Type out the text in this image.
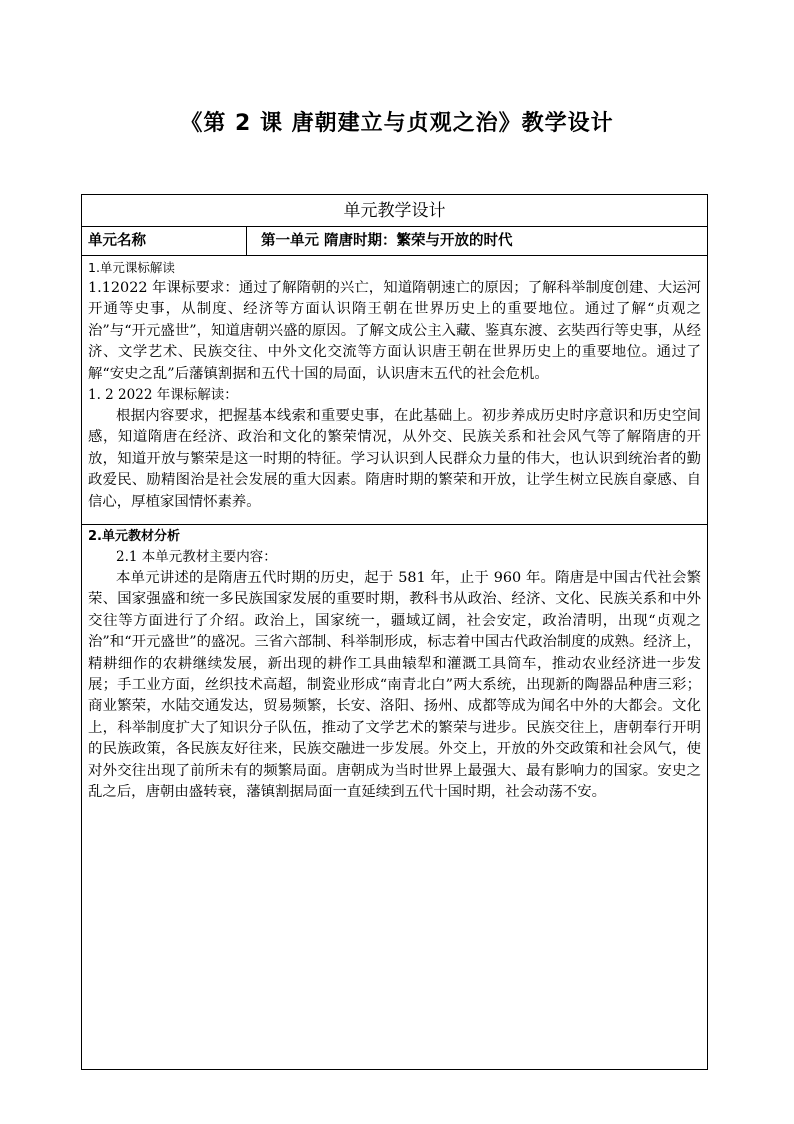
《第 2 课 唐朝建立与贞观之治》教学设计
单元教学设计
单元名称	第一单元 隋唐时期：繁荣与开放的时代
1.单元课标解读

1.12022 年课标要求：通过了解隋朝的兴亡，知道隋朝速亡的原因；了解科举制度创建、大运河开通等史事，从制度、经济等方面认识隋王朝在世界历史上的重要地位。通过了解“贞观之治”与“开元盛世”，知道唐朝兴盛的原因。了解文成公主入藏、鉴真东渡、玄奘西行等史事，从经济、文学艺术、民族交往、中外文化交流等方面认识唐王朝在世界历史上的重要地位。通过了解“安史之乱”后藩镇割据和五代十国的局面，认识唐末五代的社会危机。

1. 2 2022 年课标解读：

根据内容要求，把握基本线索和重要史事，在此基础上。初步养成历史时序意识和历史空间感，知道隋唐在经济、政治和文化的繁荣情况，从外交、民族关系和社会风气等了解隋唐的开放，知道开放与繁荣是这一时期的特征。学习认识到人民群众力量的伟大，也认识到统治者的勤政爱民、励精图治是社会发展的重大因素。隋唐时期的繁荣和开放，让学生树立民族自豪感、自信心，厚植家国情怀素养。

2.单元教材分析

2.1 本单元教材主要内容：

本单元讲述的是隋唐五代时期的历史，起于 581 年，止于 960 年。隋唐是中国古代社会繁荣、国家强盛和统一多民族国家发展的重要时期，教科书从政治、经济、文化、民族关系和中外交往等方面进行了介绍。政治上，国家统一，疆域辽阔，社会安定，政治清明，出现“贞观之治”和“开元盛世”的盛况。三省六部制、科举制形成，标志着中国古代政治制度的成熟。经济上，精耕细作的农耕继续发展，新出现的耕作工具曲辕犁和灌溉工具筒车，推动农业经济进一步发展；手工业方面，丝织技术高超，制瓷业形成“南青北白”两大系统，出现新的陶器品种唐三彩；商业繁荣，水陆交通发达，贸易频繁，长安、洛阳、扬州、成都等成为闻名中外的大都会。文化上，科举制度扩大了知识分子队伍，推动了文学艺术的繁荣与进步。民族交往上，唐朝奉行开明的民族政策，各民族友好往来，民族交融进一步发展。外交上，开放的外交政策和社会风气，使对外交往出现了前所未有的频繁局面。唐朝成为当时世界上最强大、最有影响力的国家。安史之乱之后，唐朝由盛转衰，藩镇割据局面一直延续到五代十国时期，社会动荡不安。
